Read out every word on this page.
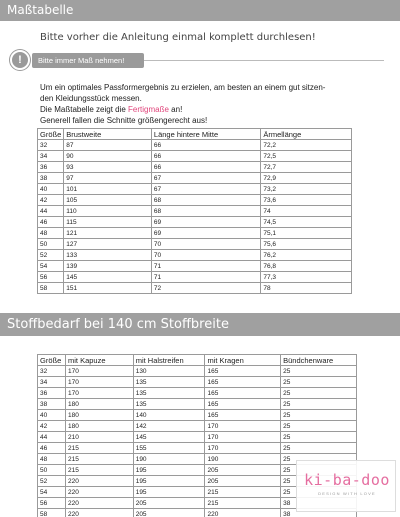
Maßtabelle
Bitte vorher die Anleitung einmal komplett durchlesen!
Bitte immer Maß nehmen!
!
Um ein optimales Passformergebnis zu erzielen, am besten an einem gut sitzen-
den Kleidungsstück messen.
Die Maßtabelle zeigt die Fertigmaße an!
Generell fallen die Schnitte größengerecht aus!
Größe	Brustweite	Länge hintere Mitte	Ärmellänge
32	87	66	72,2
34	90	66	72,5
36	93	66	72,7
38	97	67	72,9
40	101	67	73,2
42	105	68	73,6
44	110	68	74
46	115	69	74,5
48	121	69	75,1
50	127	70	75,6
52	133	70	76,2
54	139	71	76,8
56	145	71	77,3
58	151	72	78
Stoffbedarf bei 140 cm Stoffbreite
Größe	mit Kapuze	mit Halstreifen	mit Kragen	Bündchenware
32	170	130	165	25
34	170	135	165	25
36	170	135	165	25
38	180	135	165	25
40	180	140	165	25
42	180	142	170	25
44	210	145	170	25
46	215	155	170	25
48	215	190	190	25
50	215	195	205	25
52	220	195	205	25
54	220	195	215	25
56	220	205	215	38
58	220	205	220	38
ki-ba-doo
DESIGN WITH LOVE
